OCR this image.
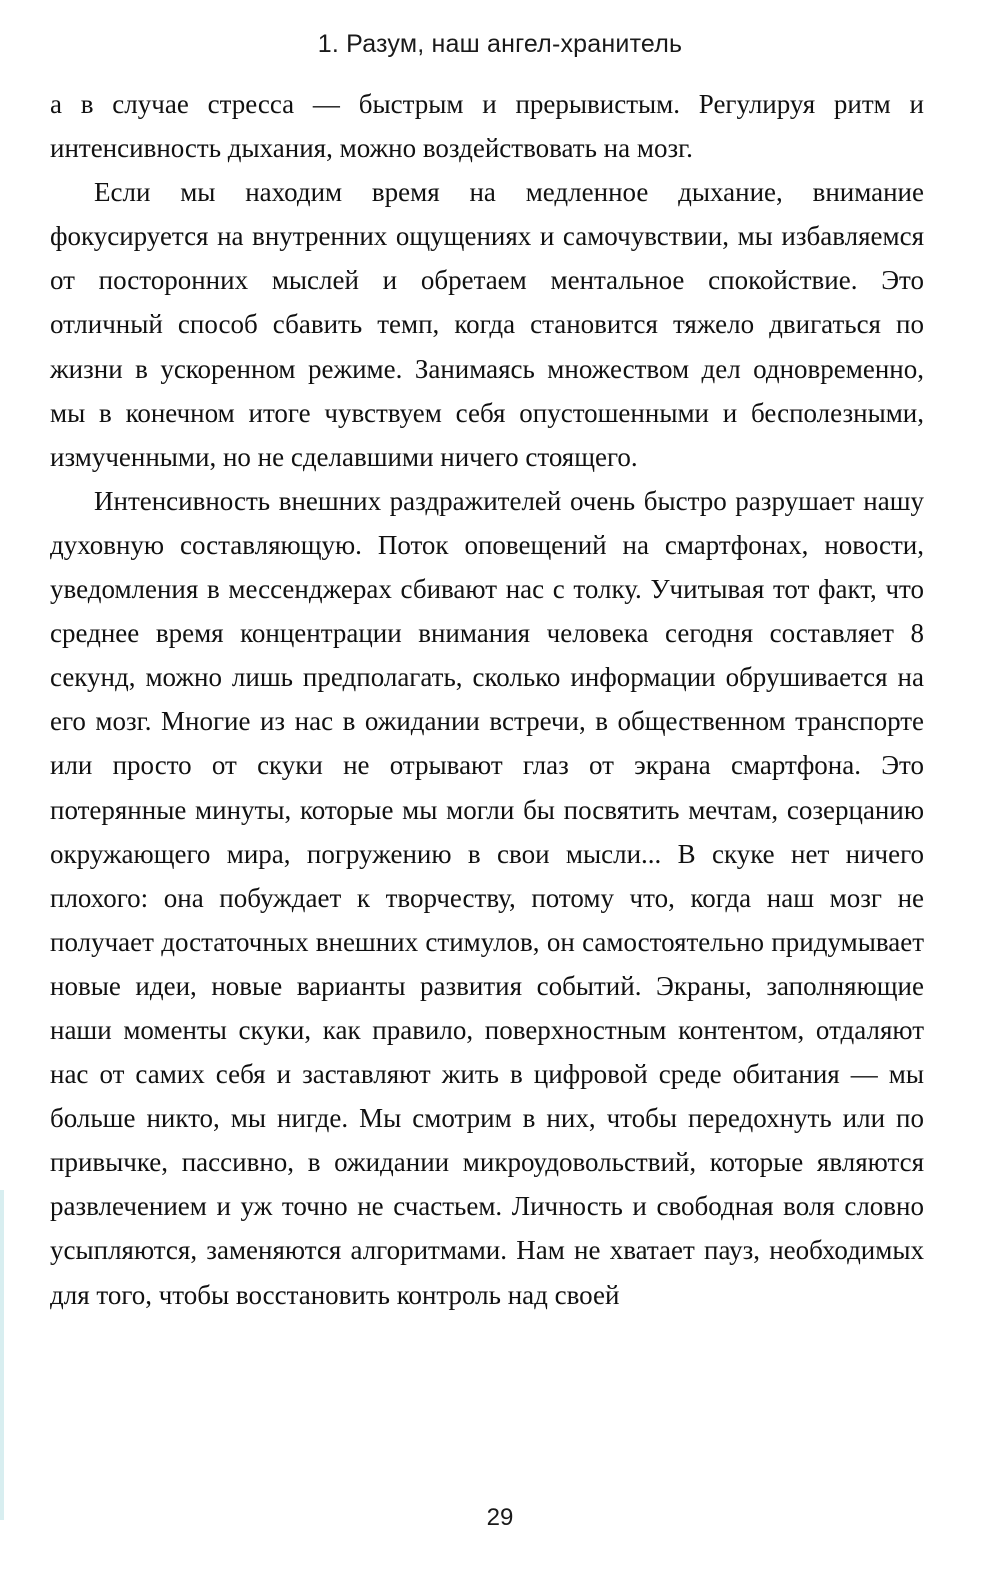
1. Разум, наш ангел-хранитель

а в случае стресса — быстрым и прерывистым. Регулируя ритм и интенсивность дыхания, можно воздействовать на мозг.

Если мы находим время на медленное дыхание, внимание фокусируется на внутренних ощущениях и самочувствии, мы избавляемся от посторонних мыслей и обретаем ментальное спокойствие. Это отличный способ сбавить темп, когда становится тяжело двигаться по жизни в ускоренном режиме. Занимаясь множеством дел одновременно, мы в конечном итоге чувствуем себя опустошенными и бесполезными, измученными, но не сделавшими ничего стоящего.

Интенсивность внешних раздражителей очень быстро разрушает нашу духовную составляющую. Поток оповещений на смартфонах, новости, уведомления в мессенджерах сбивают нас с толку. Учитывая тот факт, что среднее время концентрации внимания человека сегодня составляет 8 секунд, можно лишь предполагать, сколько информации обрушивается на его мозг. Многие из нас в ожидании встречи, в общественном транспорте или просто от скуки не отрывают глаз от экрана смартфона. Это потерянные минуты, которые мы могли бы посвятить мечтам, созерцанию окружающего мира, погружению в свои мысли... В скуке нет ничего плохого: она побуждает к творчеству, потому что, когда наш мозг не получает достаточных внешних стимулов, он самостоятельно придумывает новые идеи, новые варианты развития событий. Экраны, заполняющие наши моменты скуки, как правило, поверхностным контентом, отдаляют нас от самих себя и заставляют жить в цифровой среде обитания — мы больше никто, мы нигде. Мы смотрим в них, чтобы передохнуть или по привычке, пассивно, в ожидании микроудовольствий, которые являются развлечением и уж точно не счастьем. Личность и свободная воля словно усыпляются, заменяются алгоритмами. Нам не хватает пауз, необходимых для того, чтобы восстановить контроль над своей

29
